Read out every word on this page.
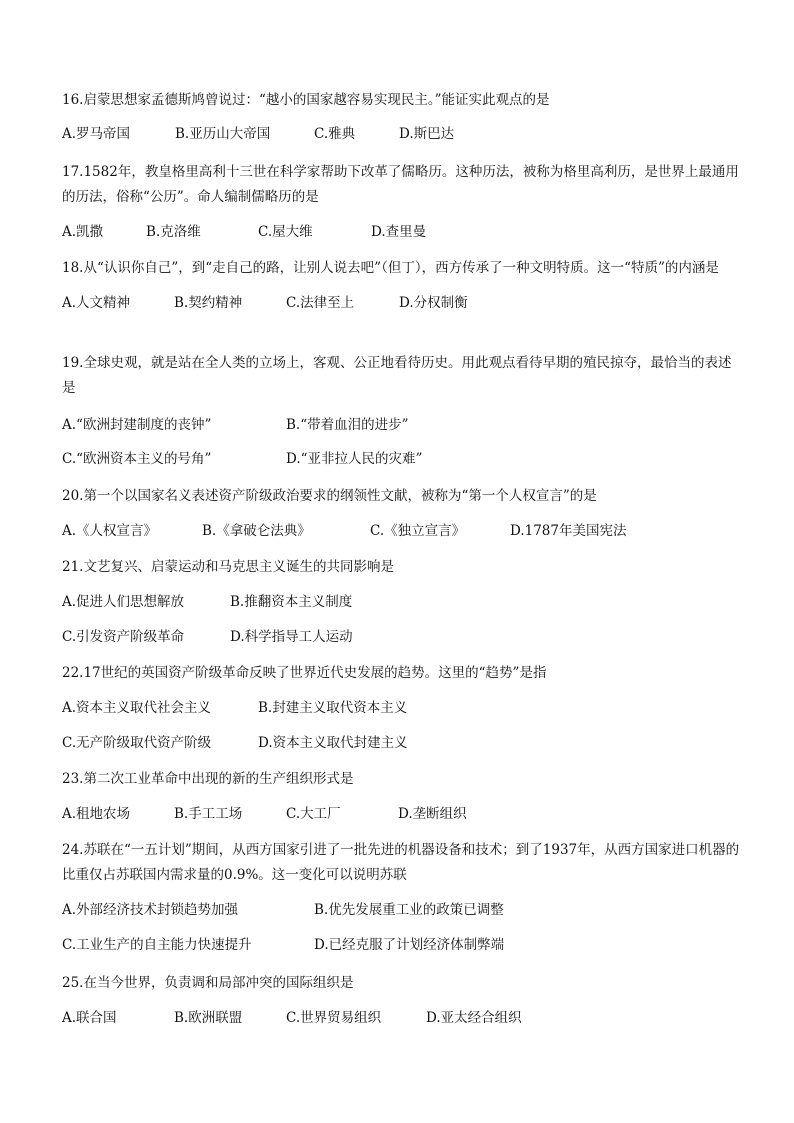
16.启蒙思想家孟德斯鸠曾说过：“越小的国家越容易实现民主。”能证实此观点的是

A.罗马帝国	B.亚历山大帝国	C.雅典	D.斯巴达

17.1582年，教皇格里高利十三世在科学家帮助下改革了儒略历。这种历法，被称为格里高利历，是世界上最通用的历法，俗称“公历”。命人编制儒略历的是

A.凯撒	B.克洛维	C.屋大维	D.查里曼

18.从“认识你自己”，到“走自己的路，让别人说去吧”（但丁），西方传承了一种文明特质。这一“特质”的内涵是

A.人文精神	B.契约精神	C.法律至上	D.分权制衡

19.全球史观，就是站在全人类的立场上，客观、公正地看待历史。用此观点看待早期的殖民掠夺，最恰当的表述是

A.“欧洲封建制度的丧钟”	B.“带着血泪的进步”
C.“欧洲资本主义的号角”	D.“亚非拉人民的灾难”

20.第一个以国家名义表述资产阶级政治要求的纲领性文献，被称为“第一个人权宣言”的是

A.《人权宣言》	B.《拿破仑法典》	C.《独立宣言》	D.1787年美国宪法

21.文艺复兴、启蒙运动和马克思主义诞生的共同影响是

A.促进人们思想解放	B.推翻资本主义制度
C.引发资产阶级革命	D.科学指导工人运动

22.17世纪的英国资产阶级革命反映了世界近代史发展的趋势。这里的“趋势”是指

A.资本主义取代社会主义	B.封建主义取代资本主义
C.无产阶级取代资产阶级	D.资本主义取代封建主义

23.第二次工业革命中出现的新的生产组织形式是

A.租地农场	B.手工工场	C.大工厂	D.垄断组织

24.苏联在“一五计划”期间，从西方国家引进了一批先进的机器设备和技术；到了1937年，从西方国家进口机器的比重仅占苏联国内需求量的0.9%。这一变化可以说明苏联

A.外部经济技术封锁趋势加强	B.优先发展重工业的政策已调整
C.工业生产的自主能力快速提升	D.已经克服了计划经济体制弊端

25.在当今世界，负责调和局部冲突的国际组织是

A.联合国	B.欧洲联盟	C.世界贸易组织	D.亚太经合组织
